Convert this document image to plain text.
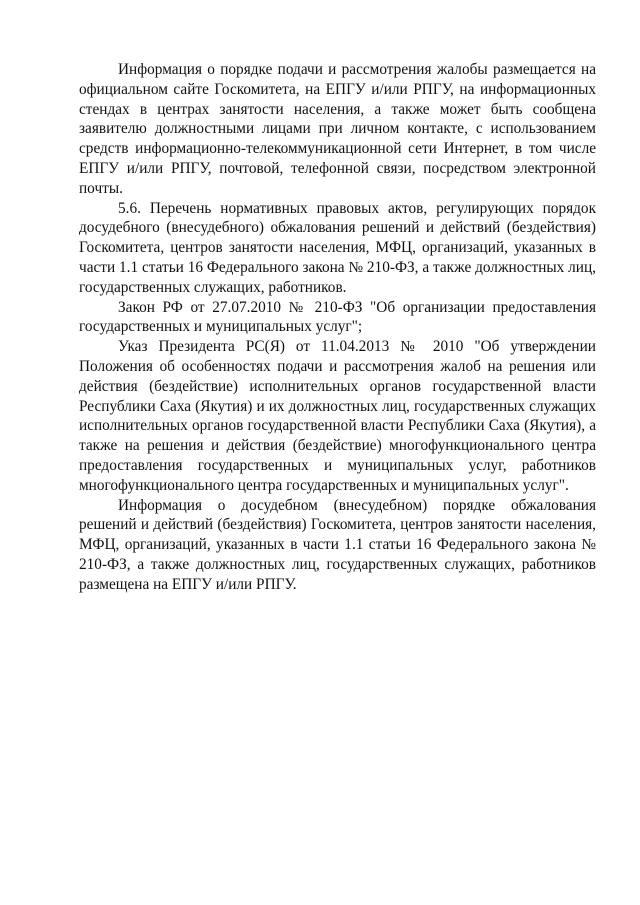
Информация о порядке подачи и рассмотрения жалобы размещается на официальном сайте Госкомитета, на ЕПГУ и/или РПГУ, на информационных стендах в центрах занятости населения, а также может быть сообщена заявителю должностными лицами при личном контакте, с использованием средств информационно-телекоммуникационной сети Интернет, в том числе ЕПГУ и/или РПГУ, почтовой, телефонной связи, посредством электронной почты.

5.6. Перечень нормативных правовых актов, регулирующих порядок досудебного (внесудебного) обжалования решений и действий (бездействия) Госкомитета, центров занятости населения, МФЦ, организаций, указанных в части 1.1 статьи 16 Федерального закона № 210-ФЗ, а также должностных лиц, государственных служащих, работников.

Закон РФ от 27.07.2010 № 210-ФЗ "Об организации предоставления государственных и муниципальных услуг";

Указ Президента РС(Я) от 11.04.2013 № 2010 "Об утверждении Положения об особенностях подачи и рассмотрения жалоб на решения или действия (бездействие) исполнительных органов государственной власти Республики Саха (Якутия) и их должностных лиц, государственных служащих исполнительных органов государственной власти Республики Саха (Якутия), а также на решения и действия (бездействие) многофункционального центра предоставления государственных и муниципальных услуг, работников многофункционального центра государственных и муниципальных услуг".

Информация о досудебном (внесудебном) порядке обжалования решений и действий (бездействия) Госкомитета, центров занятости населения, МФЦ, организаций, указанных в части 1.1 статьи 16 Федерального закона № 210-ФЗ, а также должностных лиц, государственных служащих, работников размещена на ЕПГУ и/или РПГУ.
